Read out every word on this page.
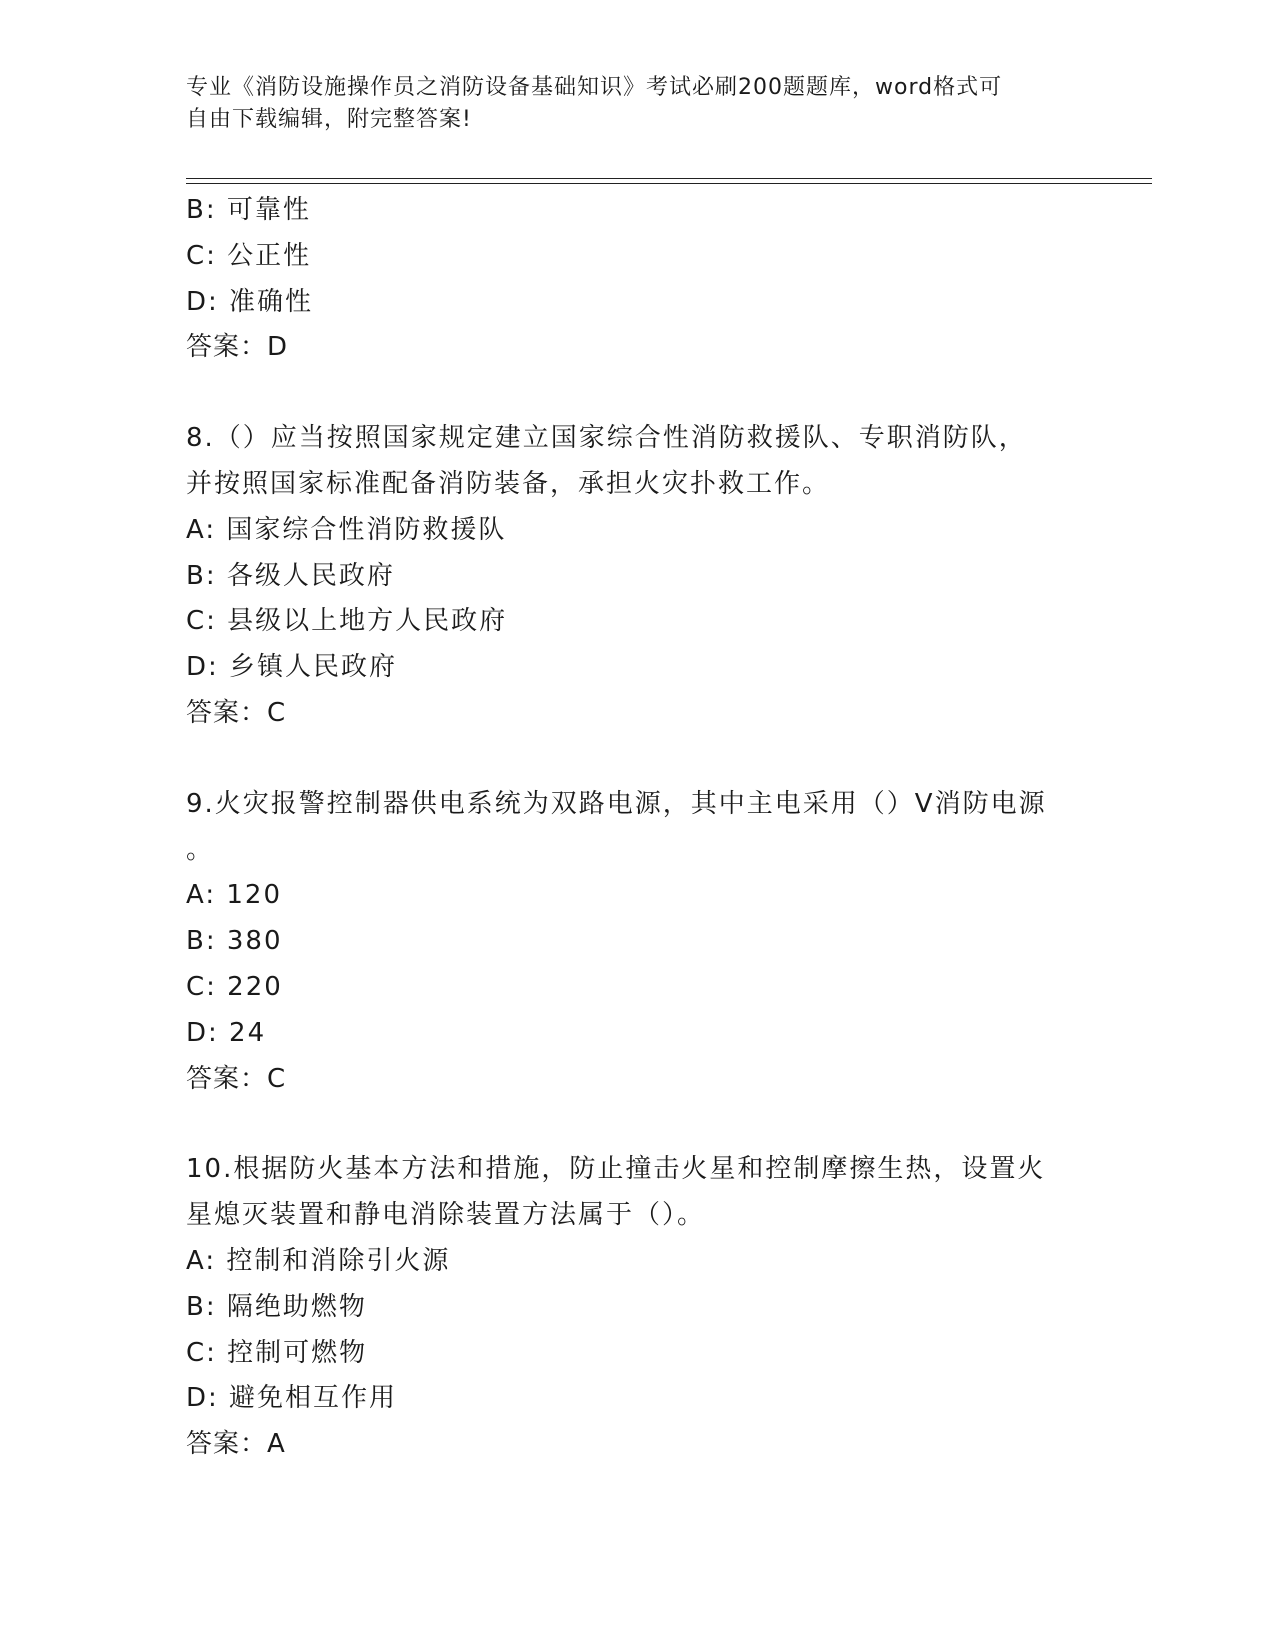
专业《消防设施操作员之消防设备基础知识》考试必刷200题题库，word格式可
自由下载编辑，附完整答案!
B: 可靠性
C: 公正性
D: 准确性
答案：D
8.（）应当按照国家规定建立国家综合性消防救援队、专职消防队，
并按照国家标准配备消防装备，承担火灾扑救工作。
A: 国家综合性消防救援队
B: 各级人民政府
C: 县级以上地方人民政府
D: 乡镇人民政府
答案：C
9.火灾报警控制器供电系统为双路电源，其中主电采用（）V消防电源
。
A: 120
B: 380
C: 220
D: 24
答案：C
10.根据防火基本方法和措施，防止撞击火星和控制摩擦生热，设置火
星熄灭装置和静电消除装置方法属于（）。
A: 控制和消除引火源
B: 隔绝助燃物
C: 控制可燃物
D: 避免相互作用
答案：A
